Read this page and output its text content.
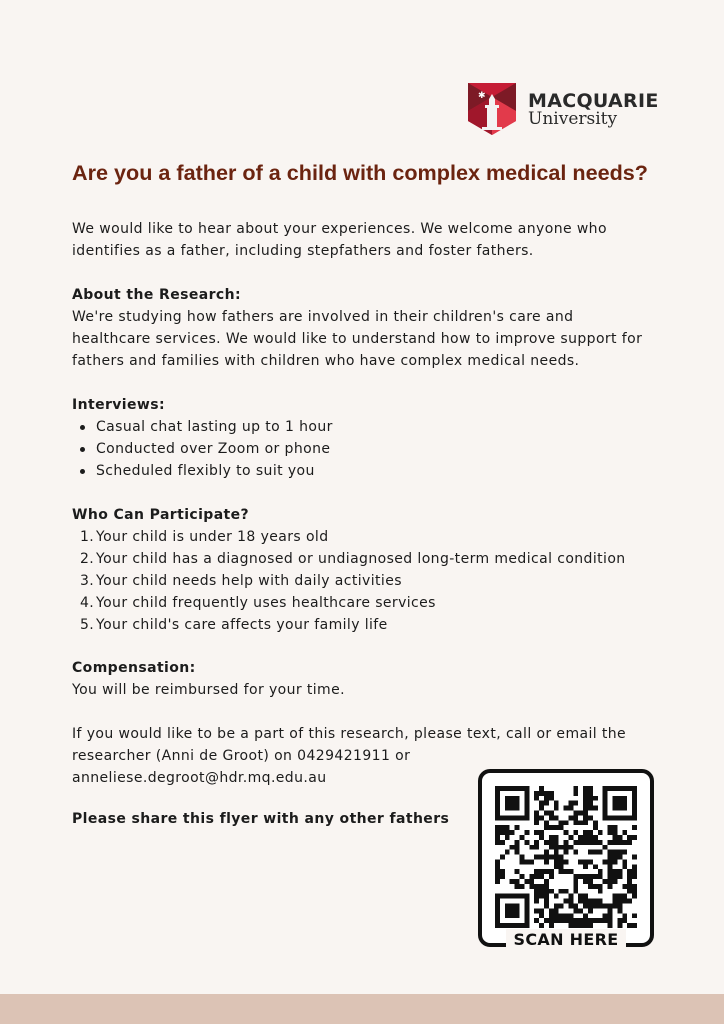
✱ MACQUARIE
University
Are you a father of a child with complex medical needs?

We would like to hear about your experiences. We welcome anyone who identifies as a father, including stepfathers and foster fathers.

About the Research:

We're studying how fathers are involved in their children's care and healthcare services. We would like to understand how to improve support for fathers and families with children who have complex medical needs.

Interviews:

Casual chat lasting up to 1 hour
Conducted over Zoom or phone
Scheduled flexibly to suit you

Who Can Participate?

1. Your child is under 18 years old
2. Your child has a diagnosed or undiagnosed long-term medical condition
3. Your child needs help with daily activities
4. Your child frequently uses healthcare services
5. Your child's care affects your family life

Compensation:

You will be reimbursed for your time.

If you would like to be a part of this research, please text, call or email the

researcher (Anni de Groot) on 0429421911 or

anneliese.degroot@hdr.mq.edu.au

Please share this flyer with any other fathers
SCAN HERE
